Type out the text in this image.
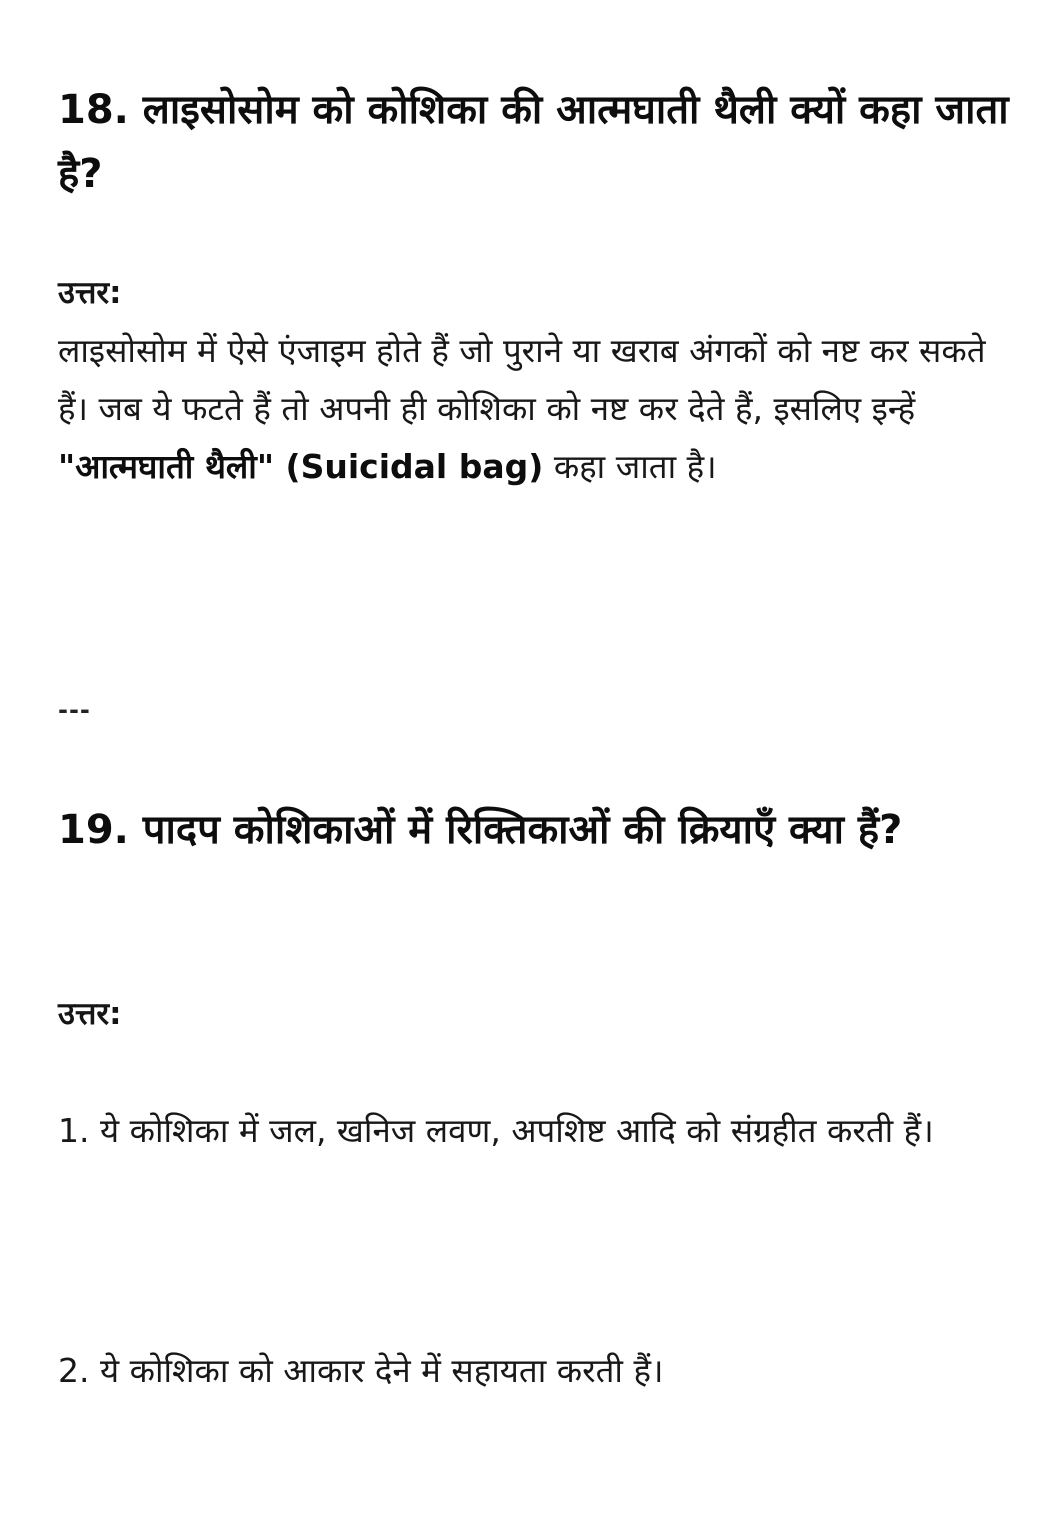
18. लाइसोसोम को कोशिका की आत्मघाती थैली क्यों कहा जाता है?
उत्तर:
लाइसोसोम में ऐसे एंजाइम होते हैं जो पुराने या खराब अंगकों को नष्ट कर सकते हैं। जब ये फटते हैं तो अपनी ही कोशिका को नष्ट कर देते हैं, इसलिए इन्हें "आत्मघाती थैली" (Suicidal bag) कहा जाता है।
---
19. पादप कोशिकाओं में रिक्तिकाओं की क्रियाएँ क्या हैं?
उत्तर:
1. ये कोशिका में जल, खनिज लवण, अपशिष्ट आदि को संग्रहीत करती हैं।
2. ये कोशिका को आकार देने में सहायता करती हैं।
